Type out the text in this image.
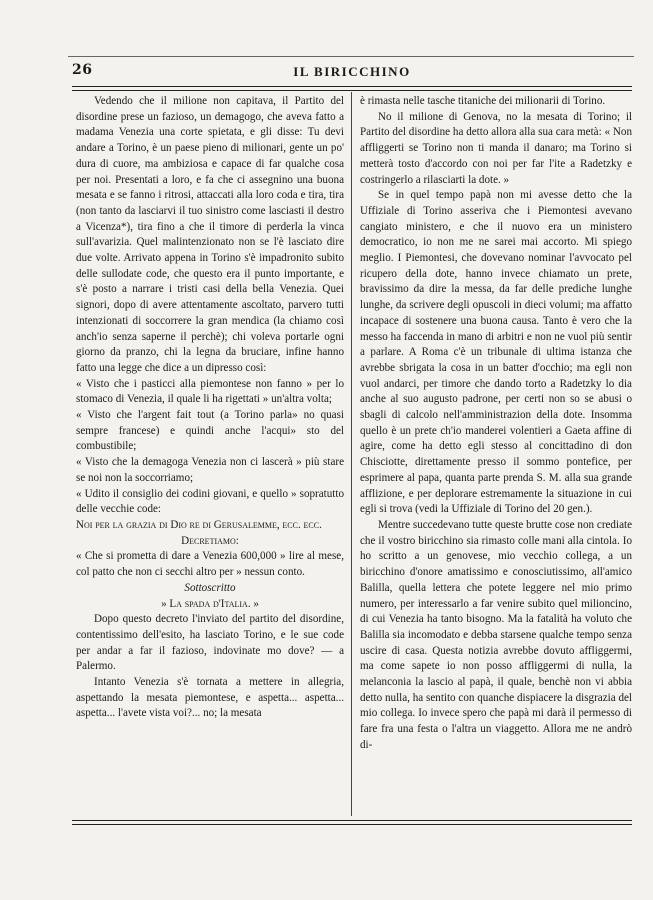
26	IL BIRICCHINO

Vedendo che il milione non capitava, il Partito del disordine prese un fazioso, un demagogo, che aveva fatto a madama Venezia una corte spietata, e gli disse: Tu devi andare a Torino, è un paese pieno di milionari, gente un po' dura di cuore, ma ambiziosa e capace di far qualche cosa per noi. Presentati a loro, e fa che ci assegnino una buona mesata e se fanno i ritrosi, attaccati alla loro coda e tira, tira (non tanto da lasciarvi il tuo sinistro come lasciasti il destro a Vicenza*), tira fino a che il timore di perderla la vinca sull'avarizia. Quel malintenzionato non se l'è lasciato dire due volte. Arrivato appena in Torino s'è impadronito subito delle sullodate code, che questo era il punto importante, e s'è posto a narrare i tristi casi della bella Venezia. Quei signori, dopo di avere attentamente ascoltato, parvero tutti intenzionati di soccorrere la gran mendica (la chiamo così anch'io senza saperne il perchè); chi voleva portarle ogni giorno da pranzo, chi la legna da bruciare, infine hanno fatto una legge che dice a un dipresso così:

« Visto che i pasticci alla piemontese non fanno » per lo stomaco di Venezia, il quale li ha rigettati » un'altra volta;

« Visto che l'argent fait tout (a Torino parla» no quasi sempre francese) e quindi anche l'acqui» sto del combustibile;

« Visto che la demagoga Venezia non ci lascerà » più stare se noi non la soccorriamo;

« Udito il consiglio dei codini giovani, e quello » sopratutto delle vecchie code:

Noi per la grazia di Dio re di Gerusalemme, ecc. ecc.

Decretiamo:

« Che si prometta di dare a Venezia 600,000 » lire al mese, col patto che non ci secchi altro per » nessun conto.

Sottoscritto

» La spada d'Italia. »

Dopo questo decreto l'inviato del partito del disordine, contentissimo dell'esito, ha lasciato Torino, e le sue code per andar a far il fazioso, indovinate mo dove? — a Palermo.

Intanto Venezia s'è tornata a mettere in allegria, aspettando la mesata piemontese, e aspetta... aspetta... aspetta... l'avete vista voi?... no; la mesata

è rimasta nelle tasche titaniche dei milionarii di Torino.

No il milione di Genova, no la mesata di Torino; il Partito del disordine ha detto allora alla sua cara metà: « Non affliggerti se Torino non ti manda il danaro; ma Torino si metterà tosto d'accordo con noi per far l'ite a Radetzky e costringerlo a rilasciarti la dote. »

Se in quel tempo papà non mi avesse detto che la Uffiziale di Torino asseriva che i Piemontesi avevano cangiato ministero, e che il nuovo era un ministero democratico, io non me ne sarei mai accorto. Mi spiego meglio. I Piemontesi, che dovevano nominar l'avvocato pel ricupero della dote, hanno invece chiamato un prete, bravissimo da dire la messa, da far delle prediche lunghe lunghe, da scrivere degli opuscoli in dieci volumi; ma affatto incapace di sostenere una buona causa. Tanto è vero che la messo ha faccenda in mano di arbitri e non ne vuol più sentir a parlare. A Roma c'è un tribunale di ultima istanza che avrebbe sbrigata la cosa in un batter d'occhio; ma egli non vuol andarci, per timore che dando torto a Radetzky lo dia anche al suo augusto padrone, per certi non so se abusi o sbagli di calcolo nell'amministrazion della dote. Insomma quello è un prete ch'io manderei volentieri a Gaeta affine di agire, come ha detto egli stesso al concittadino di don Chisciotte, direttamente presso il sommo pontefice, per esprimere al papa, quanta parte prenda S. M. alla sua grande afflizione, e per deplorare estremamente la situazione in cui egli si trova (vedi la Uffiziale di Torino del 20 gen.).

Mentre succedevano tutte queste brutte cose non crediate che il vostro biricchino sia rimasto colle mani alla cintola. Io ho scritto a un genovese, mio vecchio collega, a un biricchino d'onore amatissimo e conosciutissimo, all'amico Balilla, quella lettera che potete leggere nel mio primo numero, per interessarlo a far venire subito quel milioncino, di cui Venezia ha tanto bisogno. Ma la fatalità ha voluto che Balilla sia incomodato e debba starsene qualche tempo senza uscire di casa. Questa notizia avrebbe dovuto affliggermi, ma come sapete io non posso affliggermi di nulla, la melanconia la lascio al papà, il quale, benchè non vi abbia detto nulla, ha sentito con quanche dispiacere la disgrazia del mio collega. Io invece spero che papà mi darà il permesso di fare fra una festa o l'altra un viaggetto. Allora me ne andrò di-
